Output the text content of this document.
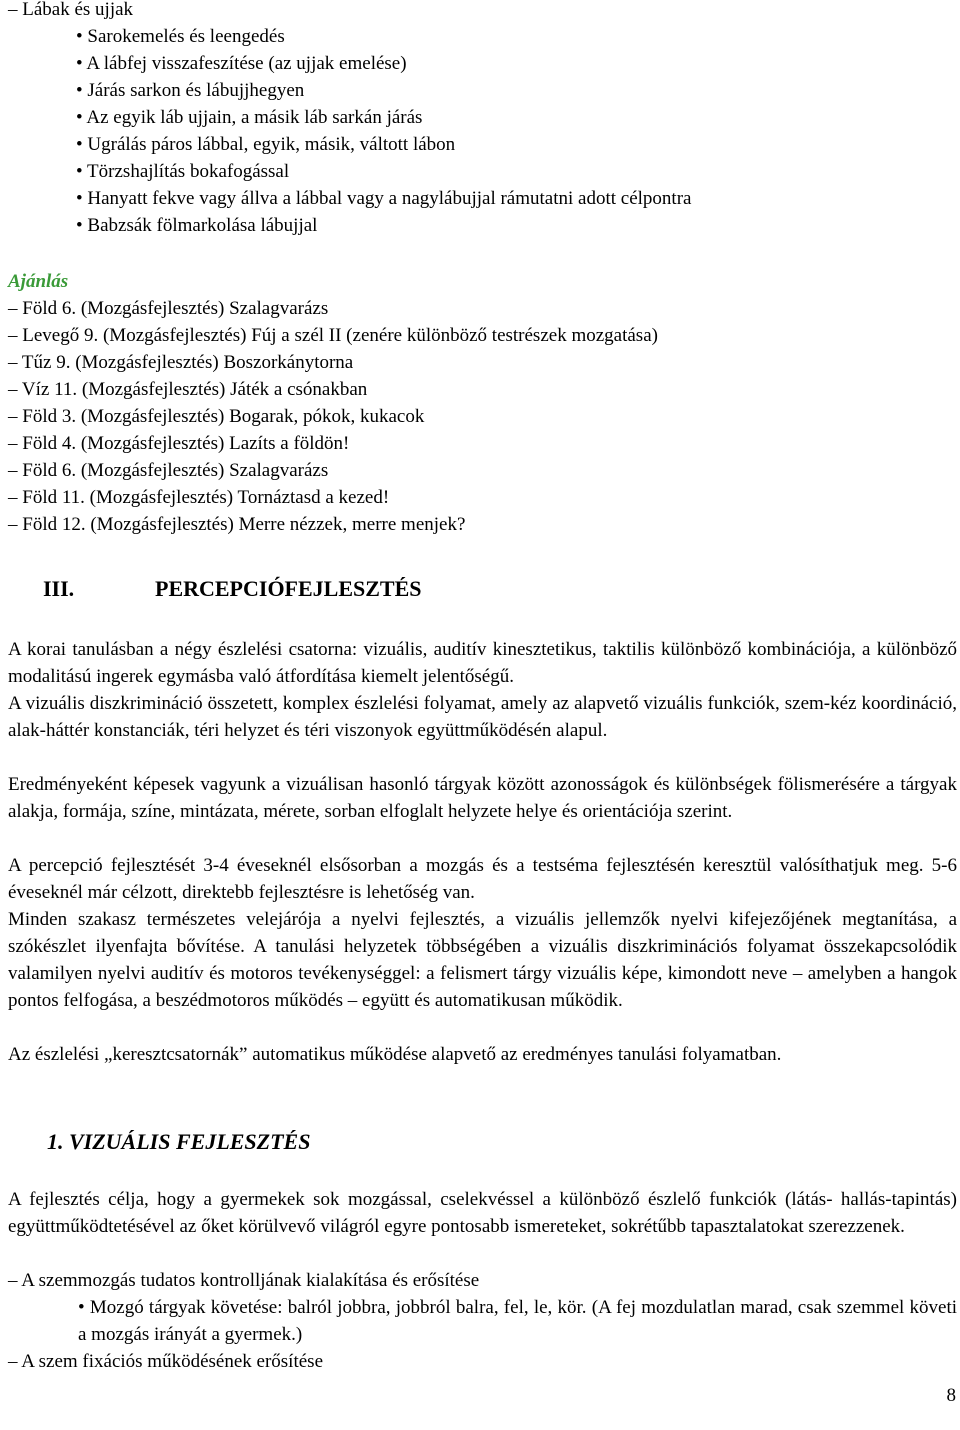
– Lábak és ujjak
• Sarokemelés és leengedés
• A lábfej visszafeszítése (az ujjak emelése)
• Járás sarkon és lábujjhegyen
• Az egyik láb ujjain, a másik láb sarkán járás
• Ugrálás páros lábbal, egyik, másik, váltott lábon
• Törzshajlítás bokafogással
• Hanyatt fekve vagy állva a lábbal vagy a nagylábujjal rámutatni adott célpontra
• Babzsák fölmarkolása lábujjal
Ajánlás
– Föld 6. (Mozgásfejlesztés) Szalagvarázs
– Levegő 9. (Mozgásfejlesztés) Fúj a szél II (zenére különböző testrészek mozgatása)
– Tűz 9. (Mozgásfejlesztés) Boszorkánytorna
– Víz 11. (Mozgásfejlesztés) Játék a csónakban
– Föld 3. (Mozgásfejlesztés) Bogarak, pókok, kukacok
– Föld 4. (Mozgásfejlesztés) Lazíts a földön!
– Föld 6. (Mozgásfejlesztés) Szalagvarázs
– Föld 11. (Mozgásfejlesztés) Tornáztasd a kezed!
– Föld 12. (Mozgásfejlesztés) Merre nézzek, merre menjek?
III.	PERCEPCIÓFEJLESZTÉS
A korai tanulásban a négy észlelési csatorna: vizuális, auditív kinesztetikus, taktilis különböző kombinációja, a különböző modalitású ingerek egymásba való átfordítása kiemelt jelentőségű.
A vizuális diszkrimináció összetett, komplex észlelési folyamat, amely az alapvető vizuális funkciók, szem-kéz koordináció, alak-háttér konstanciák, téri helyzet és téri viszonyok együttműködésén alapul.
Eredményeként képesek vagyunk a vizuálisan hasonló tárgyak között azonosságok és különbségek fölismerésére a tárgyak alakja, formája, színe, mintázata, mérete, sorban elfoglalt helyzete helye és orientációja szerint.
A percepció fejlesztését 3-4 éveseknél elsősorban a mozgás és a testséma fejlesztésén keresztül valósíthatjuk meg. 5-6 éveseknél már célzott, direktebb fejlesztésre is lehetőség van.
Minden szakasz természetes velejárója a nyelvi fejlesztés, a vizuális jellemzők nyelvi kifejezőjének megtanítása, a szókészlet ilyenfajta bővítése. A tanulási helyzetek többségében a vizuális diszkriminációs folyamat összekapcsolódik valamilyen nyelvi auditív és motoros tevékenységgel: a felismert tárgy vizuális képe, kimondott neve – amelyben a hangok pontos felfogása, a beszédmotoros működés – együtt és automatikusan működik.
Az észlelési „keresztcsatornák” automatikus működése alapvető az eredményes tanulási folyamatban.
1. VIZUÁLIS FEJLESZTÉS
A fejlesztés célja, hogy a gyermekek sok mozgással, cselekvéssel a különböző észlelő funkciók (látás- hallás-tapintás) együttműködtetésével az őket körülvevő világról egyre pontosabb ismereteket, sokrétűbb tapasztalatokat szerezzenek.
– A szemmozgás tudatos kontrolljának kialakítása és erősítése
• Mozgó tárgyak követése: balról jobbra, jobbról balra, fel, le, kör. (A fej mozdulatlan marad, csak szemmel követi a mozgás irányát a gyermek.)
– A szem fixációs működésének erősítése
8
